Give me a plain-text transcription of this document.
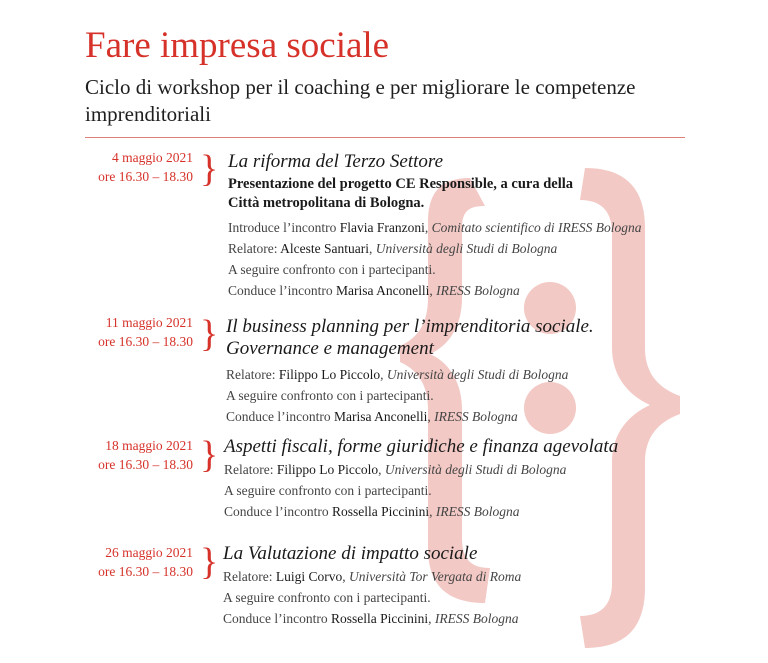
Fare impresa sociale
Ciclo di workshop per il coaching e per migliorare le competenze imprenditoriali
4 maggio 2021
ore 16.30 – 18.30 } La riforma del Terzo Settore
Presentazione del progetto CE Responsible, a cura della Città metropolitana di Bologna.
Introduce l’incontro Flavia Franzoni, Comitato scientifico di IRESS Bologna
Relatore: Alceste Santuari, Università degli Studi di Bologna
A seguire confronto con i partecipanti.
Conduce l’incontro Marisa Anconelli, IRESS Bologna
11 maggio 2021
ore 16.30 – 18.30 } Il business planning per l’imprenditoria sociale.
Governance e management
Relatore: Filippo Lo Piccolo, Università degli Studi di Bologna
A seguire confronto con i partecipanti.
Conduce l’incontro Marisa Anconelli, IRESS Bologna
18 maggio 2021
ore 16.30 – 18.30 } Aspetti fiscali, forme giuridiche e finanza agevolata
Relatore: Filippo Lo Piccolo, Università degli Studi di Bologna
A seguire confronto con i partecipanti.
Conduce l’incontro Rossella Piccinini, IRESS Bologna
26 maggio 2021
ore 16.30 – 18.30 } La Valutazione di impatto sociale
Relatore: Luigi Corvo, Università Tor Vergata di Roma
A seguire confronto con i partecipanti.
Conduce l’incontro Rossella Piccinini, IRESS Bologna
